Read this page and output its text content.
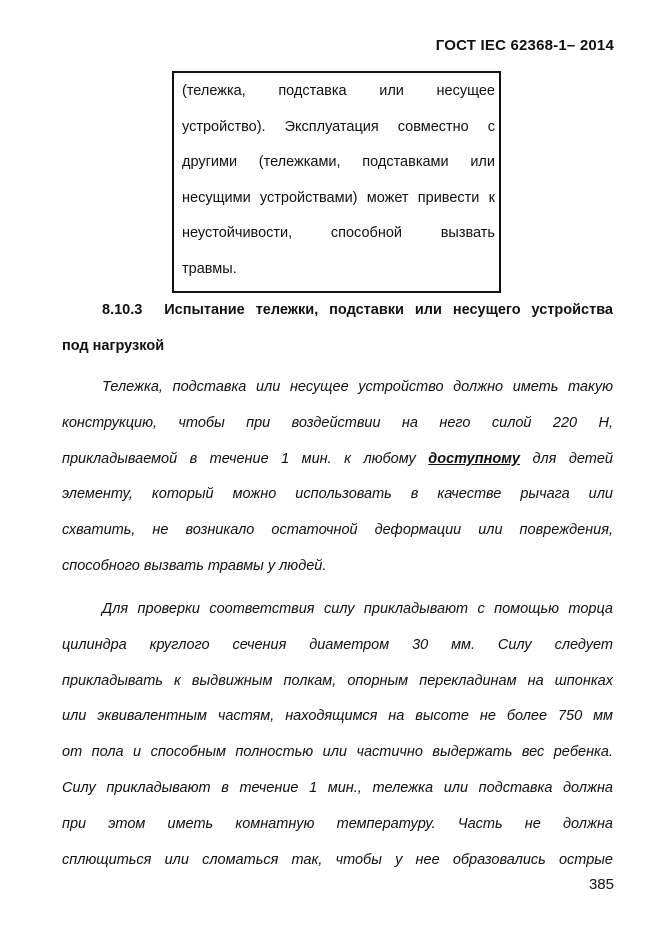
ГОСТ IEC 62368-1– 2014
(тележка, подставка или несущее
устройство). Эксплуатация совместно с
другими (тележками, подставками или
несущими устройствами) может привести к
неустойчивости, способной вызвать
травмы.
8.10.3 Испытание тележки, подставки или несущего устройства
под нагрузкой
Тележка, подставка или несущее устройство должно иметь такую
конструкцию, чтобы при воздействии на него силой 220 Н,
прикладываемой в течение 1 мин. к любому доступному для детей
элементу, который можно использовать в качестве рычага или
схватить, не возникало остаточной деформации или повреждения,
способного вызвать травмы у людей.
Для проверки соответствия силу прикладывают с помощью торца
цилиндра круглого сечения диаметром 30 мм. Силу следует
прикладывать к выдвижным полкам, опорным перекладинам на шпонках
или эквивалентным частям, находящимся на высоте не более 750 мм
от пола и способным полностью или частично выдержать вес ребенка.
Силу прикладывают в течение 1 мин., тележка или подставка должна
при этом иметь комнатную температуру. Часть не должна
сплющиться или сломаться так, чтобы у нее образовались острые
385
